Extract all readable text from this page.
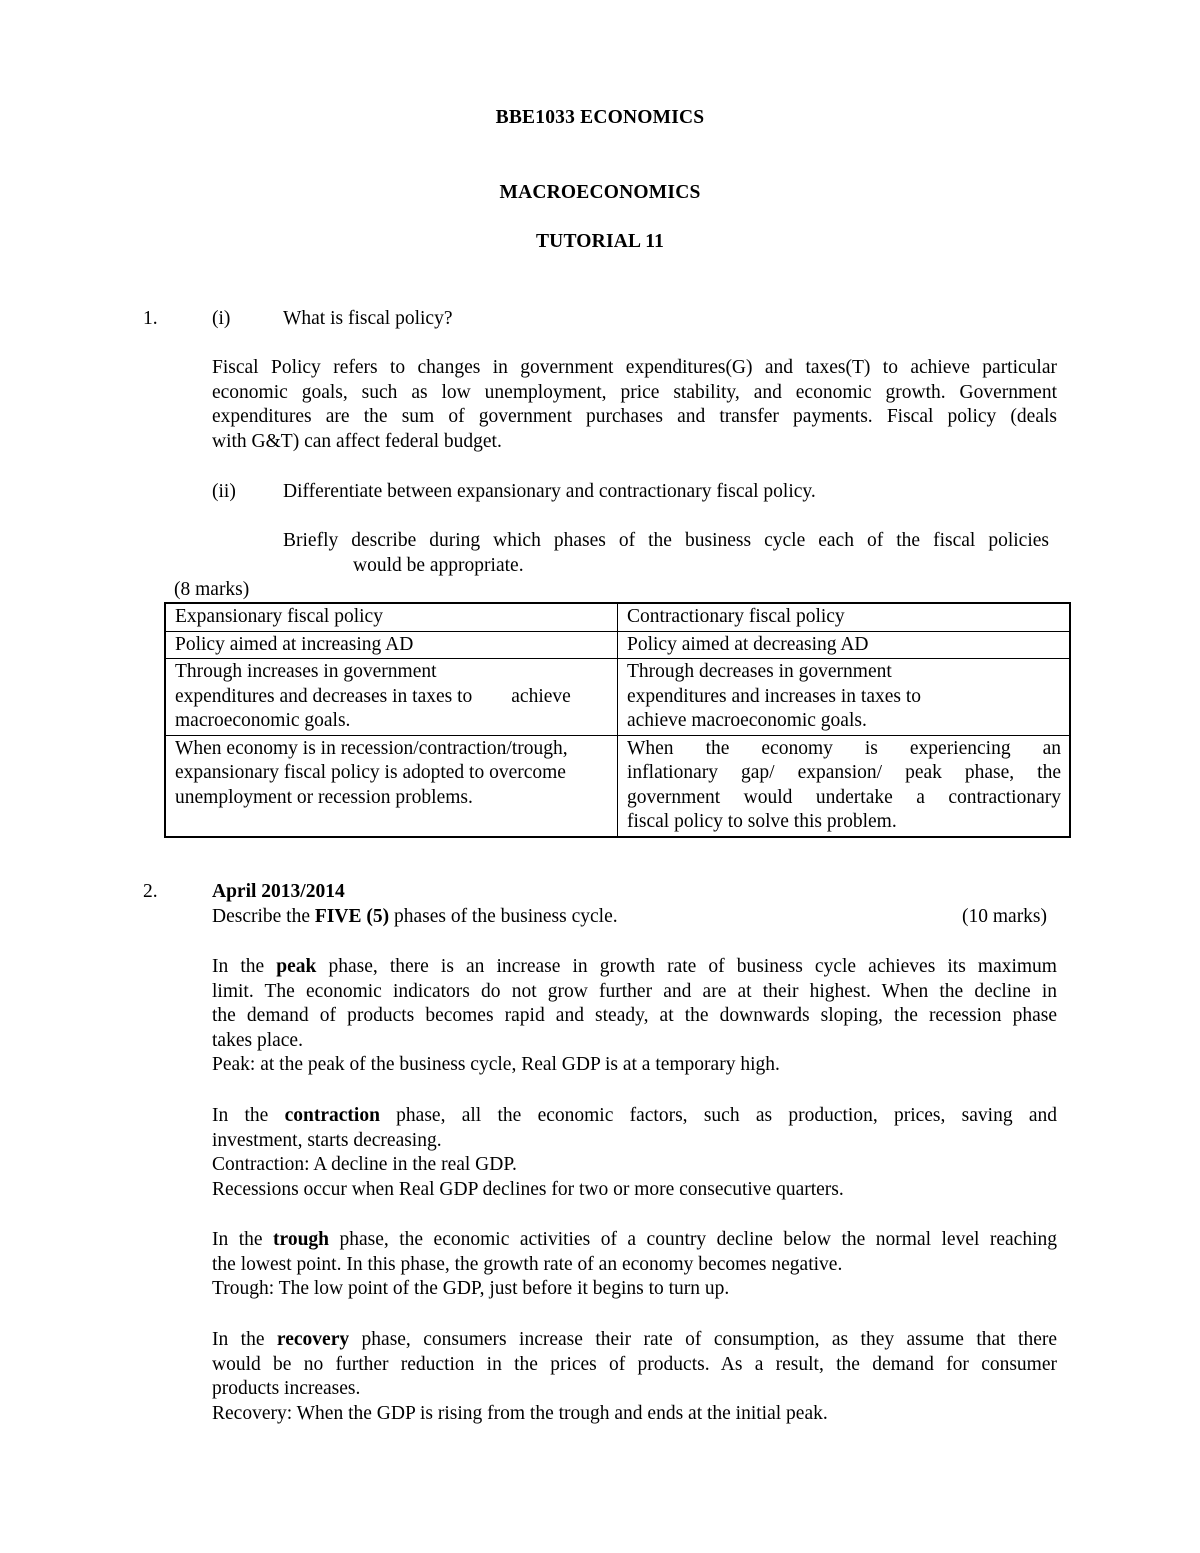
BBE1033 ECONOMICS
MACROECONOMICS
TUTORIAL 11
1.	(i)	What is fiscal policy?
Fiscal Policy refers to changes in government expenditures(G) and taxes(T) to achieve particular
economic goals, such as low unemployment, price stability, and economic growth. Government
expenditures are the sum of government purchases and transfer payments. Fiscal policy (deals
with G&T) can affect federal budget.
(ii) Differentiate between expansionary and contractionary fiscal policy.
Briefly describe during which phases of the business cycle each of the fiscal policies
would be appropriate.
(8 marks)
Expansionary fiscal policy	Contractionary fiscal policy
Policy aimed at increasing AD	Policy aimed at decreasing AD

Through increases in government
expenditures and decreases in taxes to        achieve
macroeconomic goals.	Through decreases in government
expenditures and increases in taxes to
achieve macroeconomic goals.

When economy is in recession/contraction/trough,
expansionary fiscal policy is adopted to overcome
unemployment or recession problems.	When the economy is experiencing an
inflationary gap/ expansion/ peak phase, the
government would undertake a contractionary
fiscal policy to solve this problem.
2.	April 2013/2014
Describe the FIVE (5) phases of the business cycle.	(10 marks)
In the peak phase, there is an increase in growth rate of business cycle achieves its maximum
limit. The economic indicators do not grow further and are at their highest. When the decline in
the demand of products becomes rapid and steady, at the downwards sloping, the recession phase
takes place.
Peak: at the peak of the business cycle, Real GDP is at a temporary high.
In the contraction phase, all the economic factors, such as production, prices, saving and
investment, starts decreasing.
Contraction: A decline in the real GDP.
Recessions occur when Real GDP declines for two or more consecutive quarters.
In the trough phase, the economic activities of a country decline below the normal level reaching
the lowest point. In this phase, the growth rate of an economy becomes negative.
Trough: The low point of the GDP, just before it begins to turn up.
In the recovery phase, consumers increase their rate of consumption, as they assume that there
would be no further reduction in the prices of products. As a result, the demand for consumer
products increases.
Recovery: When the GDP is rising from the trough and ends at the initial peak.
